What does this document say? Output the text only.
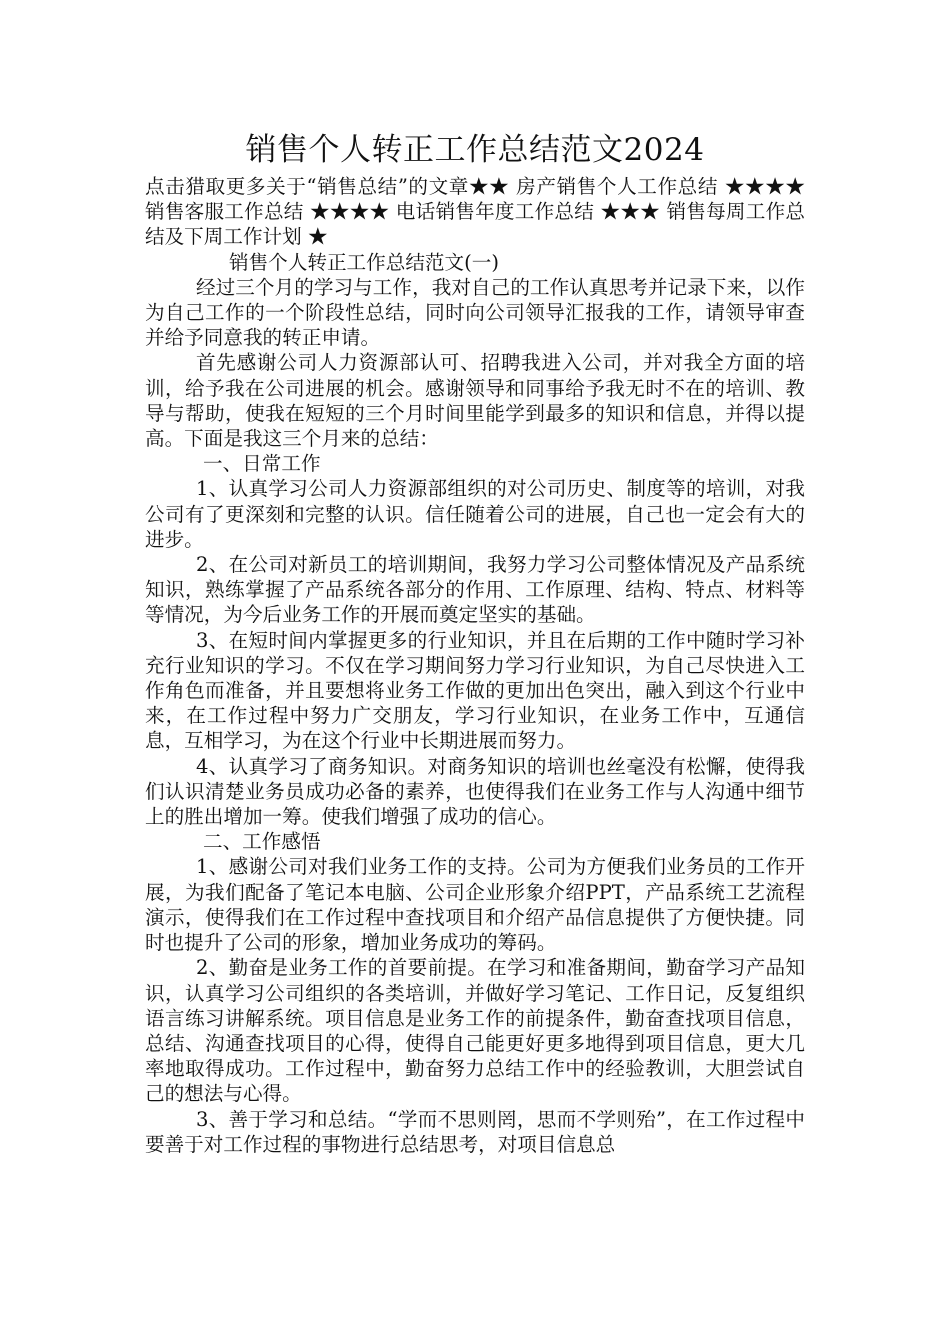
销售个人转正工作总结范文2024

点击猎取更多关于“销售总结”的文章★★ 房产销售个人工作总结 ★★★★ 销售客服工作总结 ★★★★ 电话销售年度工作总结 ★★★ 销售每周工作总结及下周工作计划 ★

销售个人转正工作总结范文(一)

经过三个月的学习与工作，我对自己的工作认真思考并记录下来，以作为自己工作的一个阶段性总结，同时向公司领导汇报我的工作，请领导审查并给予同意我的转正申请。

首先感谢公司人力资源部认可、招聘我进入公司，并对我全方面的培训，给予我在公司进展的机会。感谢领导和同事给予我无时不在的培训、教导与帮助，使我在短短的三个月时间里能学到最多的知识和信息，并得以提高。下面是我这三个月来的总结：

一、日常工作

1、认真学习公司人力资源部组织的对公司历史、制度等的培训，对我公司有了更深刻和完整的认识。信任随着公司的进展，自己也一定会有大的进步。

2、在公司对新员工的培训期间，我努力学习公司整体情况及产品系统知识，熟练掌握了产品系统各部分的作用、工作原理、结构、特点、材料等等情况，为今后业务工作的开展而奠定坚实的基础。

3、在短时间内掌握更多的行业知识，并且在后期的工作中随时学习补充行业知识的学习。不仅在学习期间努力学习行业知识，为自己尽快进入工作角色而准备，并且要想将业务工作做的更加出色突出，融入到这个行业中来，在工作过程中努力广交朋友，学习行业知识，在业务工作中，互通信息，互相学习，为在这个行业中长期进展而努力。

4、认真学习了商务知识。对商务知识的培训也丝毫没有松懈，使得我们认识清楚业务员成功必备的素养，也使得我们在业务工作与人沟通中细节上的胜出增加一筹。使我们增强了成功的信心。

二、工作感悟

1、感谢公司对我们业务工作的支持。公司为方便我们业务员的工作开展，为我们配备了笔记本电脑、公司企业形象介绍PPT，产品系统工艺流程演示，使得我们在工作过程中查找项目和介绍产品信息提供了方便快捷。同时也提升了公司的形象，增加业务成功的筹码。

2、勤奋是业务工作的首要前提。在学习和准备期间，勤奋学习产品知识，认真学习公司组织的各类培训，并做好学习笔记、工作日记，反复组织语言练习讲解系统。项目信息是业务工作的前提条件，勤奋查找项目信息，总结、沟通查找项目的心得，使得自己能更好更多地得到项目信息，更大几率地取得成功。工作过程中，勤奋努力总结工作中的经验教训，大胆尝试自己的想法与心得。

3、善于学习和总结。“学而不思则罔，思而不学则殆”，在工作过程中要善于对工作过程的事物进行总结思考，对项目信息总
